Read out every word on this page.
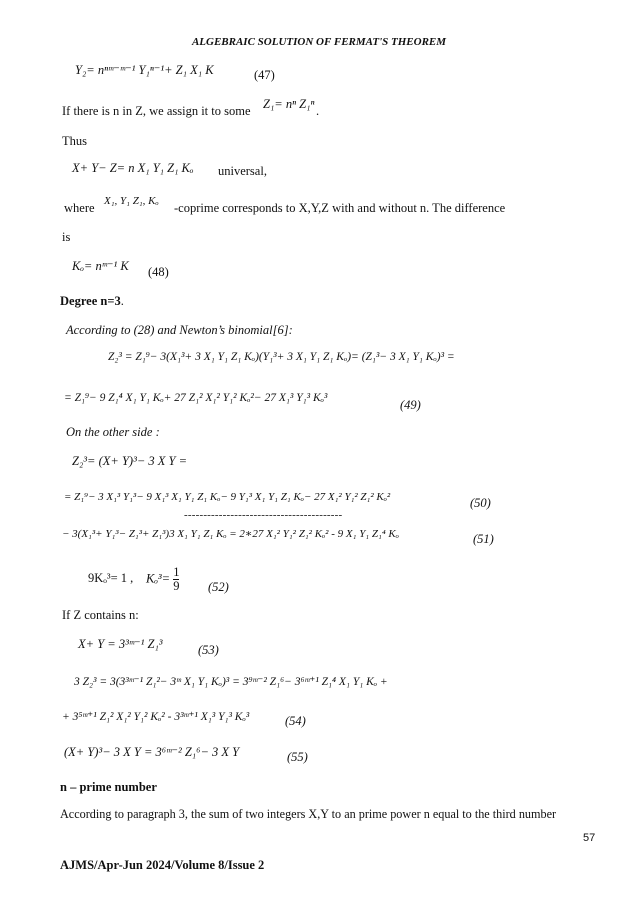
ALGEBRAIC SOLUTION OF FERMAT'S THEOREM
Y₂= nⁿᵐ⁻ᵐ⁻¹ Y₁ⁿ⁻¹+ Z₁ X₁ K	(47)
If there is n in Z, we assign it to some Z₁= nⁿ Z₁ⁿ .
Thus
X+ Y− Z= n X₁ Y₁ Z₁ Kₒ universal,
where X₁, Y₁ Z₁, Kₒ -coprime corresponds to X,Y,Z with and without n. The difference
is
Kₒ= nᵐ⁻¹ K (48)
Degree n=3.
According to (28) and Newton’s binomial[6]:
Z₂³ = Z₁⁹− 3(X₁³+ 3 X₁ Y₁ Z₁ Kₒ)(Y₁³+ 3 X₁ Y₁ Z₁ Kₒ)= (Z₁³− 3 X₁ Y₁ Kₒ)³ =
= Z₁⁹− 9 Z₁⁴ X₁ Y₁ Kₒ+ 27 Z₁² X₁² Y₁² Kₒ²− 27 X₁³ Y₁³ Kₒ³	(49)
On the other side :
Z₂³= (X+ Y)³− 3 X Y =
= Z₁⁹− 3 X₁³ Y₁³− 9 X₁³ X₁ Y₁ Z₁ Kₒ− 9 Y₁³ X₁ Y₁ Z₁ Kₒ− 27 X₁² Y₁² Z₁² Kₒ²	(50)
-----------------------------------------
− 3(X₁³+ Y₁³− Z₁³+ Z₁³)3 X₁ Y₁ Z₁ Kₒ = 2∗27 X₁² Y₁² Z₁² Kₒ² - 9 X₁ Y₁ Z₁⁴ Kₒ	(51)
9Kₒ³= 1 , $K_o^3= \frac{1}{9} (52)$
If Z contains n:
X+ Y = 3³ᵐ⁻¹ Z₁³	(53)
3 Z₂³ = 3(3³ᵐ⁻¹ Z₁²− 3ᵐ X₁ Y₁ Kₒ)³ = 3⁹ᵐ⁻² Z₁⁶− 3⁶ᵐ⁺¹ Z₁⁴ X₁ Y₁ Kₒ +
+ 3⁵ᵐ⁺¹ Z₁² X₁² Y₁² Kₒ² - 3³ᵐ⁺¹ X₁³ Y₁³ Kₒ³	(54)
(X+ Y)³− 3 X Y = 3⁶ᵐ⁻² Z₁⁶− 3 X Y	(55)
n – prime number
According to paragraph 3, the sum of two integers X,Y to an prime power n equal to the third number
57
AJMS/Apr-Jun 2024/Volume 8/Issue 2
